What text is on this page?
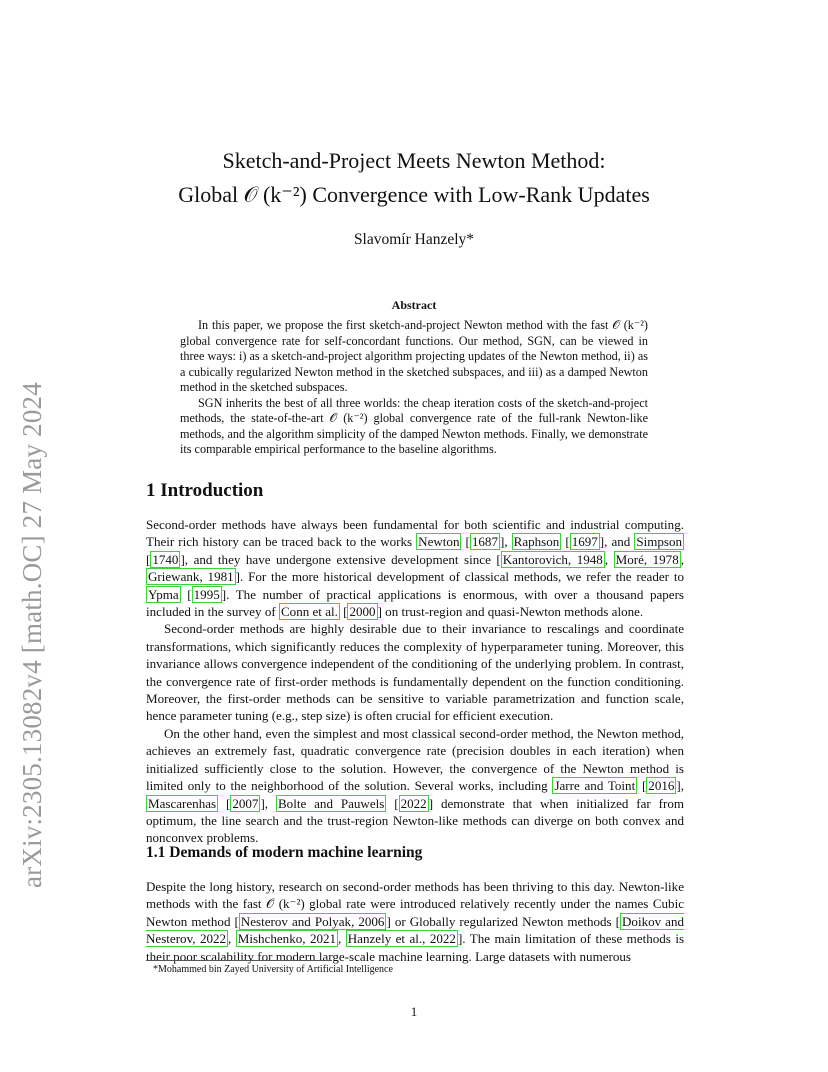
arXiv:2305.13082v4 [math.OC] 27 May 2024
Sketch-and-Project Meets Newton Method:
Global 𝒪 (k⁻²) Convergence with Low-Rank Updates
Slavomír Hanzely*
Abstract

In this paper, we propose the first sketch-and-project Newton method with the fast 𝒪 (k⁻²) global convergence rate for self-concordant functions. Our method, SGN, can be viewed in three ways: i) as a sketch-and-project algorithm projecting updates of the Newton method, ii) as a cubically regularized Newton method in the sketched subspaces, and iii) as a damped Newton method in the sketched subspaces.

SGN inherits the best of all three worlds: the cheap iteration costs of the sketch-and-project methods, the state-of-the-art 𝒪 (k⁻²) global convergence rate of the full-rank Newton-like methods, and the algorithm simplicity of the damped Newton methods. Finally, we demonstrate its comparable empirical performance to the baseline algorithms.

1 Introduction

Second-order methods have always been fundamental for both scientific and industrial computing. Their rich history can be traced back to the works Newton [ 1687 ], Raphson [ 1697 ], and Simpson [ 1740 ], and they have undergone extensive development since [ Kantorovich, 1948 , Moré, 1978 , Griewank, 1981 ]. For the more historical development of classical methods, we refer the reader to Ypma [ 1995 ]. The number of practical applications is enormous, with over a thousand papers included in the survey of Conn et al. [ 2000 ] on trust-region and quasi-Newton methods alone.

Second-order methods are highly desirable due to their invariance to rescalings and coordinate transformations, which significantly reduces the complexity of hyperparameter tuning. Moreover, this invariance allows convergence independent of the conditioning of the underlying problem. In contrast, the convergence rate of first-order methods is fundamentally dependent on the function conditioning. Moreover, the first-order methods can be sensitive to variable parametrization and function scale, hence parameter tuning (e.g., step size) is often crucial for efficient execution.

On the other hand, even the simplest and most classical second-order method, the Newton method, achieves an extremely fast, quadratic convergence rate (precision doubles in each iteration) when initialized sufficiently close to the solution. However, the convergence of the Newton method is limited only to the neighborhood of the solution. Several works, including Jarre and Toint [ 2016 ], Mascarenhas [ 2007 ], Bolte and Pauwels [ 2022 ] demonstrate that when initialized far from optimum, the line search and the trust-region Newton-like methods can diverge on both convex and nonconvex problems.

1.1 Demands of modern machine learning

Despite the long history, research on second-order methods has been thriving to this day. Newton-like methods with the fast 𝒪 (k⁻²) global rate were introduced relatively recently under the names Cubic Newton method [ Nesterov and Polyak, 2006 ] or Globally regularized Newton methods [ Doikov and Nesterov, 2022 , Mishchenko, 2021 , Hanzely et al., 2022 ]. The main limitation of these methods is their poor scalability for modern large-scale machine learning. Large datasets with numerous

*Mohammed bin Zayed University of Artificial Intelligence
1
